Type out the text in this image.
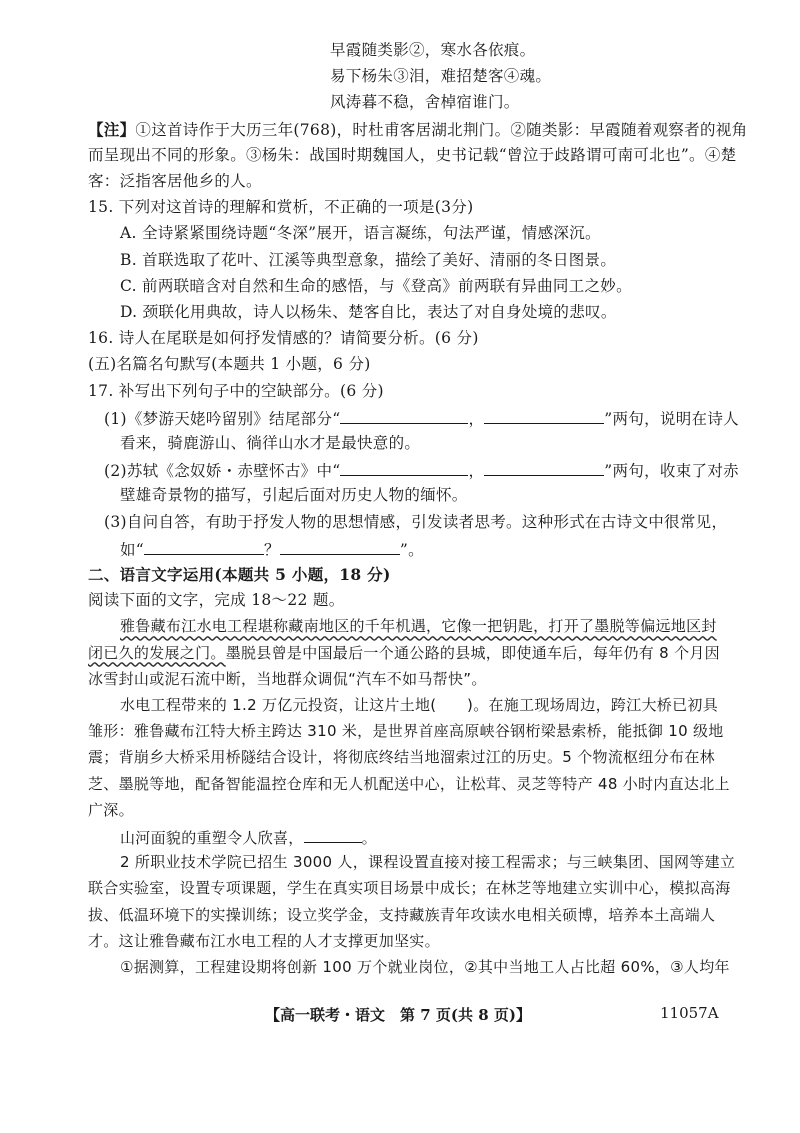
早霞随类影②，寒水各依痕。
易下杨朱③泪，难招楚客④魂。
风涛暮不稳，舍棹宿谁门。
【注】①这首诗作于大历三年(768)，时杜甫客居湖北荆门。②随类影：早霞随着观察者的视角
而呈现出不同的形象。③杨朱：战国时期魏国人，史书记载“曾泣于歧路谓可南可北也”。④楚
客：泛指客居他乡的人。
15. 下列对这首诗的理解和赏析，不正确的一项是(3分)
A. 全诗紧紧围绕诗题“冬深”展开，语言凝练，句法严谨，情感深沉。
B. 首联选取了花叶、江溪等典型意象，描绘了美好、清丽的冬日图景。
C. 前两联暗含对自然和生命的感悟，与《登高》前两联有异曲同工之妙。
D. 颈联化用典故，诗人以杨朱、楚客自比，表达了对自身处境的悲叹。
16. 诗人在尾联是如何抒发情感的？请简要分析。(6 分)
(五)名篇名句默写(本题共 1 小题，6 分)
17. 补写出下列句子中的空缺部分。(6 分)
(1)《梦游天姥吟留别》结尾部分“	，	”两句，说明在诗人
看来，骑鹿游山、徜徉山水才是最快意的。
(2)苏轼《念奴娇・赤壁怀古》中“	，	”两句，收束了对赤
壁雄奇景物的描写，引起后面对历史人物的缅怀。
(3)自问自答，有助于抒发人物的思想情感，引发读者思考。这种形式在古诗文中很常见，
如“	？	”。
二、语言文字运用(本题共 5 小题，18 分)
阅读下面的文字，完成 18～22 题。
雅鲁藏布江水电工程堪称藏南地区的千年机遇，它像一把钥匙，打开了墨脱等偏远地区封
闭已久的发展之门。墨脱县曾是中国最后一个通公路的县城，即使通车后，每年仍有 8 个月因
冰雪封山或泥石流中断，当地群众调侃“汽车不如马帮快”。
水电工程带来的 1.2 万亿元投资，让这片土地(　　)。在施工现场周边，跨江大桥已初具
雏形：雅鲁藏布江特大桥主跨达 310 米，是世界首座高原峡谷钢桁梁悬索桥，能抵御 10 级地
震；背崩乡大桥采用桥隧结合设计，将彻底终结当地溜索过江的历史。5 个物流枢纽分布在林
芝、墨脱等地，配备智能温控仓库和无人机配送中心，让松茸、灵芝等特产 48 小时内直达北上
广深。
山河面貌的重塑令人欣喜，	。
2 所职业技术学院已招生 3000 人，课程设置直接对接工程需求；与三峡集团、国网等建立
联合实验室，设置专项课题，学生在真实项目场景中成长；在林芝等地建立实训中心，模拟高海
拔、低温环境下的实操训练；设立奖学金，支持藏族青年攻读水电相关硕博，培养本土高端人
才。这让雅鲁藏布江水电工程的人才支撑更加坚实。
①据测算，工程建设期将创新 100 万个就业岗位，②其中当地工人占比超 60%，③人均年
【高一联考・语文　第 7 页(共 8 页)】	11057A
